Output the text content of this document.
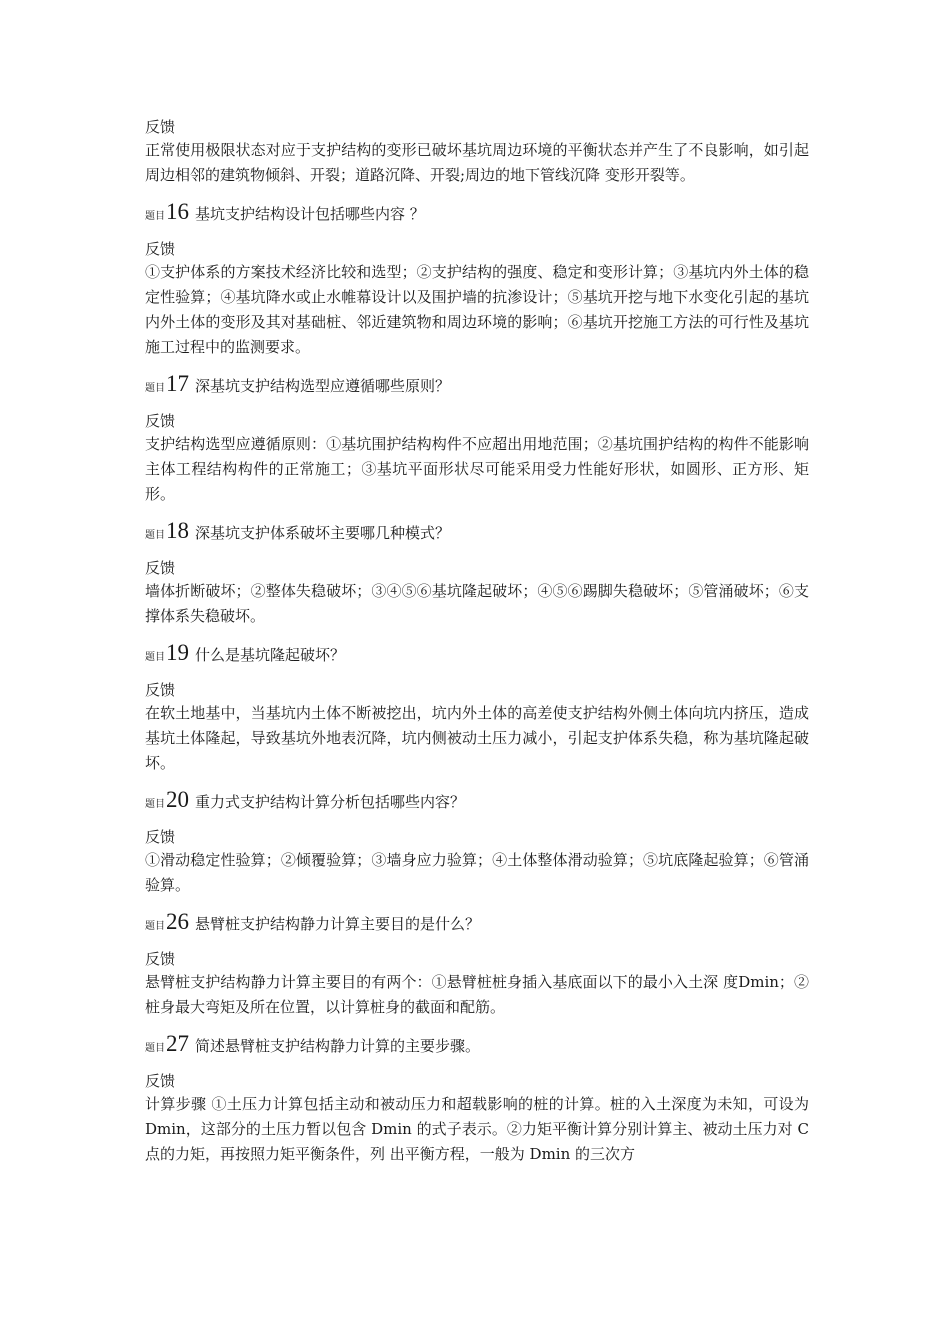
反馈

正常使用极限状态对应于支护结构的变形已破坏基坑周边环境的平衡状态并产生了不良影响，如引起周边相邻的建筑物倾斜、开裂；道路沉降、开裂;周边的地下管线沉降 变形开裂等。

题目 16 基坑支护结构设计包括哪些内容 ？

反馈

①支护体系的方案技术经济比较和选型；②支护结构的强度、稳定和变形计算；③基坑内外土体的稳定性验算；④基坑降水或止水帷幕设计以及围护墙的抗渗设计；⑤基坑开挖与地下水变化引起的基坑内外土体的变形及其对基础桩、邻近建筑物和周边环境的影响；⑥基坑开挖施工方法的可行性及基坑施工过程中的监测要求。

题目 17 深基坑支护结构选型应遵循哪些原则？

反馈

支护结构选型应遵循原则：①基坑围护结构构件不应超出用地范围；②基坑围护结构的构件不能影响主体工程结构构件的正常施工；③基坑平面形状尽可能采用受力性能好形状，如圆形、正方形、矩形。

题目 18 深基坑支护体系破坏主要哪几种模式？

反馈

墙体折断破坏；②整体失稳破坏；③④⑤⑥基坑隆起破坏；④⑤⑥踢脚失稳破坏；⑤管涌破坏；⑥支撑体系失稳破坏。

题目 19 什么是基坑隆起破坏？

反馈

在软土地基中，当基坑内土体不断被挖出，坑内外土体的高差使支护结构外侧土体向坑内挤压，造成基坑土体隆起，导致基坑外地表沉降，坑内侧被动土压力减小，引起支护体系失稳，称为基坑隆起破坏。

题目 20 重力式支护结构计算分析包括哪些内容？

反馈

①滑动稳定性验算；②倾覆验算；③墙身应力验算；④土体整体滑动验算；⑤坑底隆起验算；⑥管涌验算。

题目 26 悬臂桩支护结构静力计算主要目的是什么？

反馈

悬臂桩支护结构静力计算主要目的有两个：①悬臂桩桩身插入基底面以下的最小入土深 度Dmin；②桩身最大弯矩及所在位置，以计算桩身的截面和配筋。

题目 27 简述悬臂桩支护结构静力计算的主要步骤。

反馈

计算步骤 ①土压力计算包括主动和被动压力和超载影响的桩的计算。桩的入土深度为未知，可设为 Dmin，这部分的土压力暂以包含 Dmin 的式子表示。②力矩平衡计算分别计算主、被动土压力对 C 点的力矩，再按照力矩平衡条件，列 出平衡方程，一般为 Dmin 的三次方
